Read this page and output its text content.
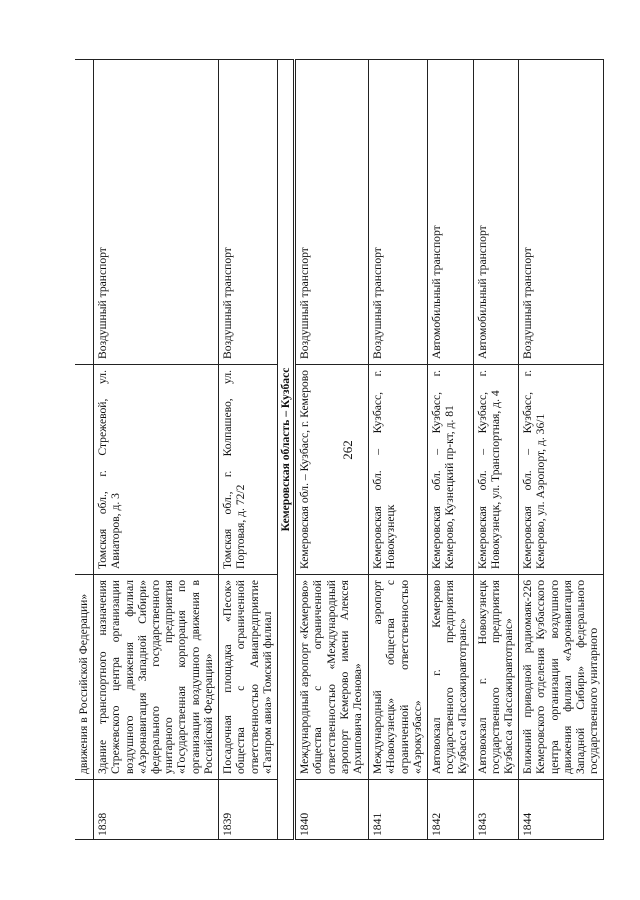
262
	движения в Российской Федерации»		
1838	Здание транспортного назначения Стрежевского центра организации воздушного движения филиал «Аэронавигация Западной Сибири» федерального государственного унитарного предприятия «Государственная корпорация по организации воздушного движения в Российской Федерации»	Томская обл., г. Стрежевой, ул. Авиаторов, д. 3	Воздушный транспорт
1839	Посадочная площадка «Песок» общества с ограниченной ответственностью Авиапредприятие «Газпром авиа» Томский филиал	Томская обл., г. Колпашево, ул. Портовая, д. 72/2	Воздушный транспорт
Кемеровская область – Кузбасс			
1840	Международный аэропорт «Кемерово» общества с ограниченной ответственностью «Международный аэропорт Кемерово имени Алексея Архиповича Леонова»	Кемеровская обл. – Кузбасс, г. Кемерово	Воздушный транспорт
1841	Международный аэропорт «Новокузнецк» общества с ограниченной ответственностью «Аэрокузбасс»	Кемеровская обл. – Кузбасс, г. Новокузнецк	Воздушный транспорт
1842	Автовокзал г. Кемерово государственного предприятия Кузбасса «Пассажиравтотранс»	Кемеровская обл. – Кузбасс, г. Кемерово, Кузнецкий пр-кт, д. 81	Автомобильный транспорт
1843	Автовокзал г. Новокузнецк государственного предприятия Кузбасса «Пассажиравтотранс»	Кемеровская обл. – Кузбасс, г. Новокузнецк, ул. Транспортная, д. 4	Автомобильный транспорт
1844	Ближний приводной радиомаяк-226 Кемеровского отделения Кузбасского центра организации воздушного движения филиал «Аэронавигация Западной Сибири» федерального государственного унитарного	Кемеровская обл. – Кузбасс, г. Кемерово, ул. Аэропорт, д. 36/1	Воздушный транспорт
